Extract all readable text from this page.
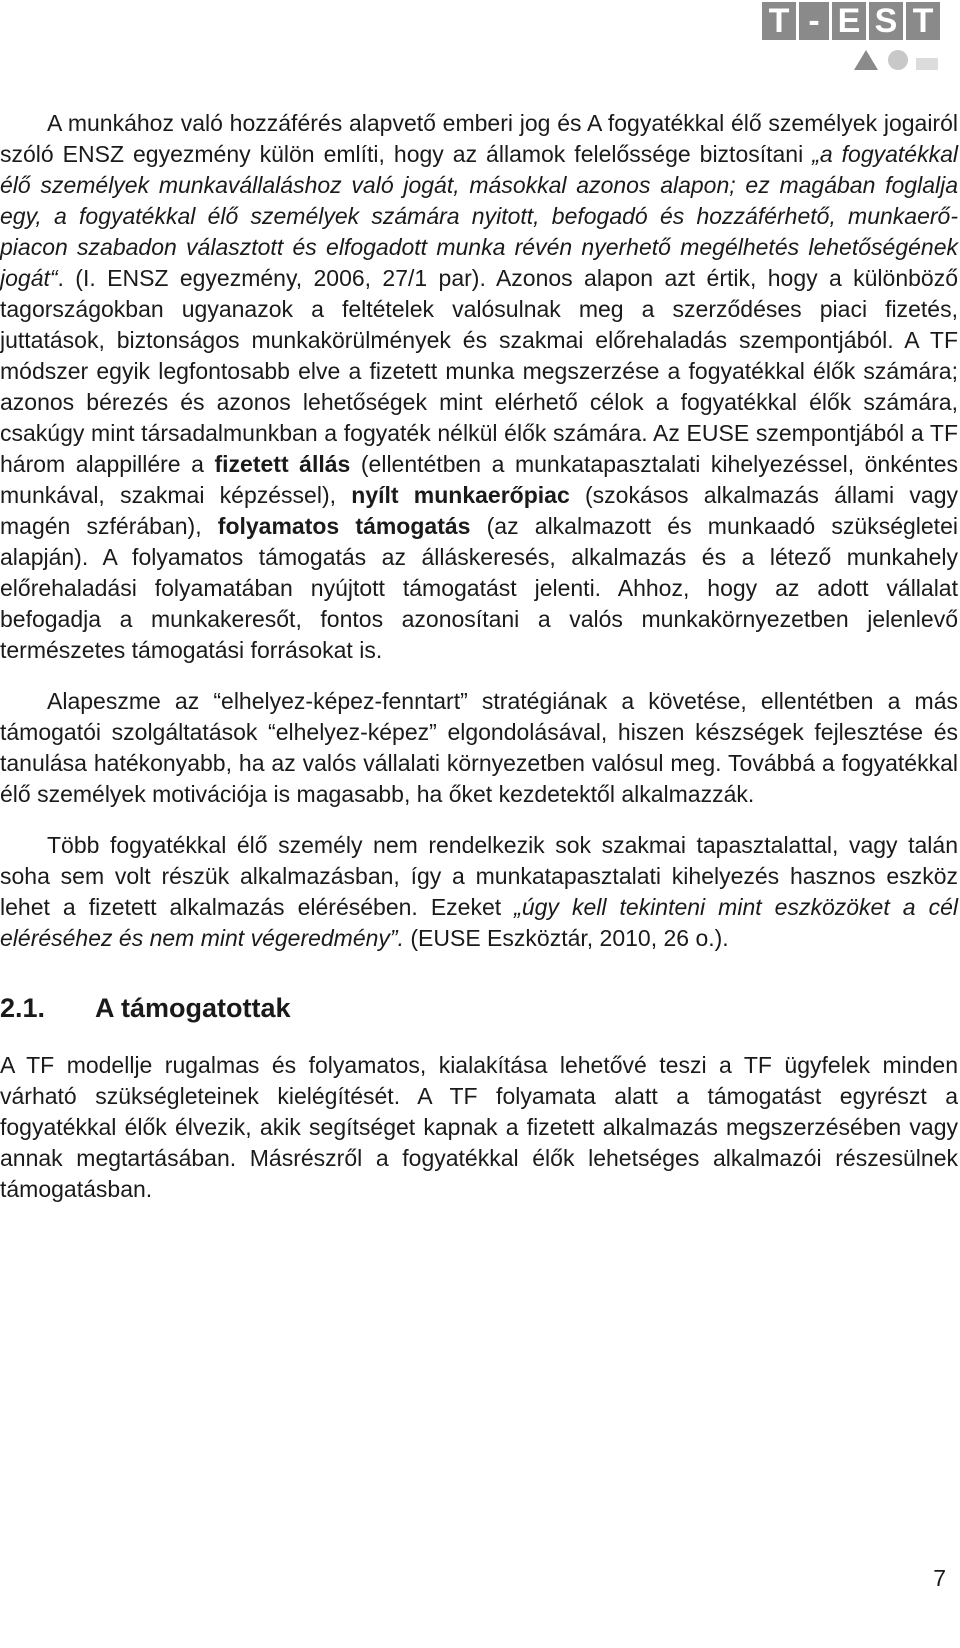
T - E S T

A munkához való hozzáférés alapvető emberi jog és A fogyatékkal élő személyek jogairól szóló ENSZ egyezmény külön említi, hogy az államok felelőssége biztosítani „a fogyatékkal élő személyek munkavállaláshoz való jogát, másokkal azonos alapon; ez magában foglalja egy, a fogyatékkal élő személyek számára nyitott, befogadó és hozzáférhető, munkaerő-piacon szabadon választott és elfogadott munka révén nyerhető megélhetés lehetőségének jogát“. (I. ENSZ egyezmény, 2006, 27/1 par). Azonos alapon azt értik, hogy a különböző tagországokban ugyanazok a feltételek valósulnak meg a szerződéses piaci fizetés, juttatások, biztonságos munkakörülmények és szakmai előrehaladás szempontjából. A TF módszer egyik legfontosabb elve a fizetett munka megszerzése a fogyatékkal élők számára; azonos bérezés és azonos lehetőségek mint elérhető célok a fogyatékkal élők számára, csakúgy mint társadalmunkban a fogyaték nélkül élők számára. Az EUSE szempontjából a TF három alappillére a fizetett állás (ellentétben a munkatapasztalati kihelyezéssel, önkéntes munkával, szakmai képzéssel), nyílt munkaerőpiac (szokásos alkalmazás állami vagy magén szférában), folyamatos támogatás (az alkalmazott és munkaadó szükségletei alapján). A folyamatos támogatás az álláskeresés, alkalmazás és a létező munkahely előrehaladási folyamatában nyújtott támogatást jelenti. Ahhoz, hogy az adott vállalat befogadja a munkakeresőt, fontos azonosítani a valós munkakörnyezetben jelenlevő természetes támogatási forrásokat is.

Alapeszme az “elhelyez-képez-fenntart” stratégiának a követése, ellentétben a más támogatói szolgáltatások “elhelyez-képez” elgondolásával, hiszen készségek fejlesztése és tanulása hatékonyabb, ha az valós vállalati környezetben valósul meg. Továbbá a fogyatékkal élő személyek motivációja is magasabb, ha őket kezdetektől alkalmazzák.

Több fogyatékkal élő személy nem rendelkezik sok szakmai tapasztalattal, vagy talán soha sem volt részük alkalmazásban, így a munkatapasztalati kihelyezés hasznos eszköz lehet a fizetett alkalmazás elérésében. Ezeket „úgy kell tekinteni mint eszközöket a cél eléréséhez és nem mint végeredmény”. (EUSE Eszköztár, 2010, 26 o.).

2.1.	A támogatottak

A TF modellje rugalmas és folyamatos, kialakítása lehetővé teszi a TF ügyfelek minden várható szükségleteinek kielégítését. A TF folyamata alatt a támogatást egyrészt a fogyatékkal élők élvezik, akik segítséget kapnak a fizetett alkalmazás megszerzésében vagy annak megtartásában. Másrészről a fogyatékkal élők lehetséges alkalmazói részesülnek támogatásban.

7
